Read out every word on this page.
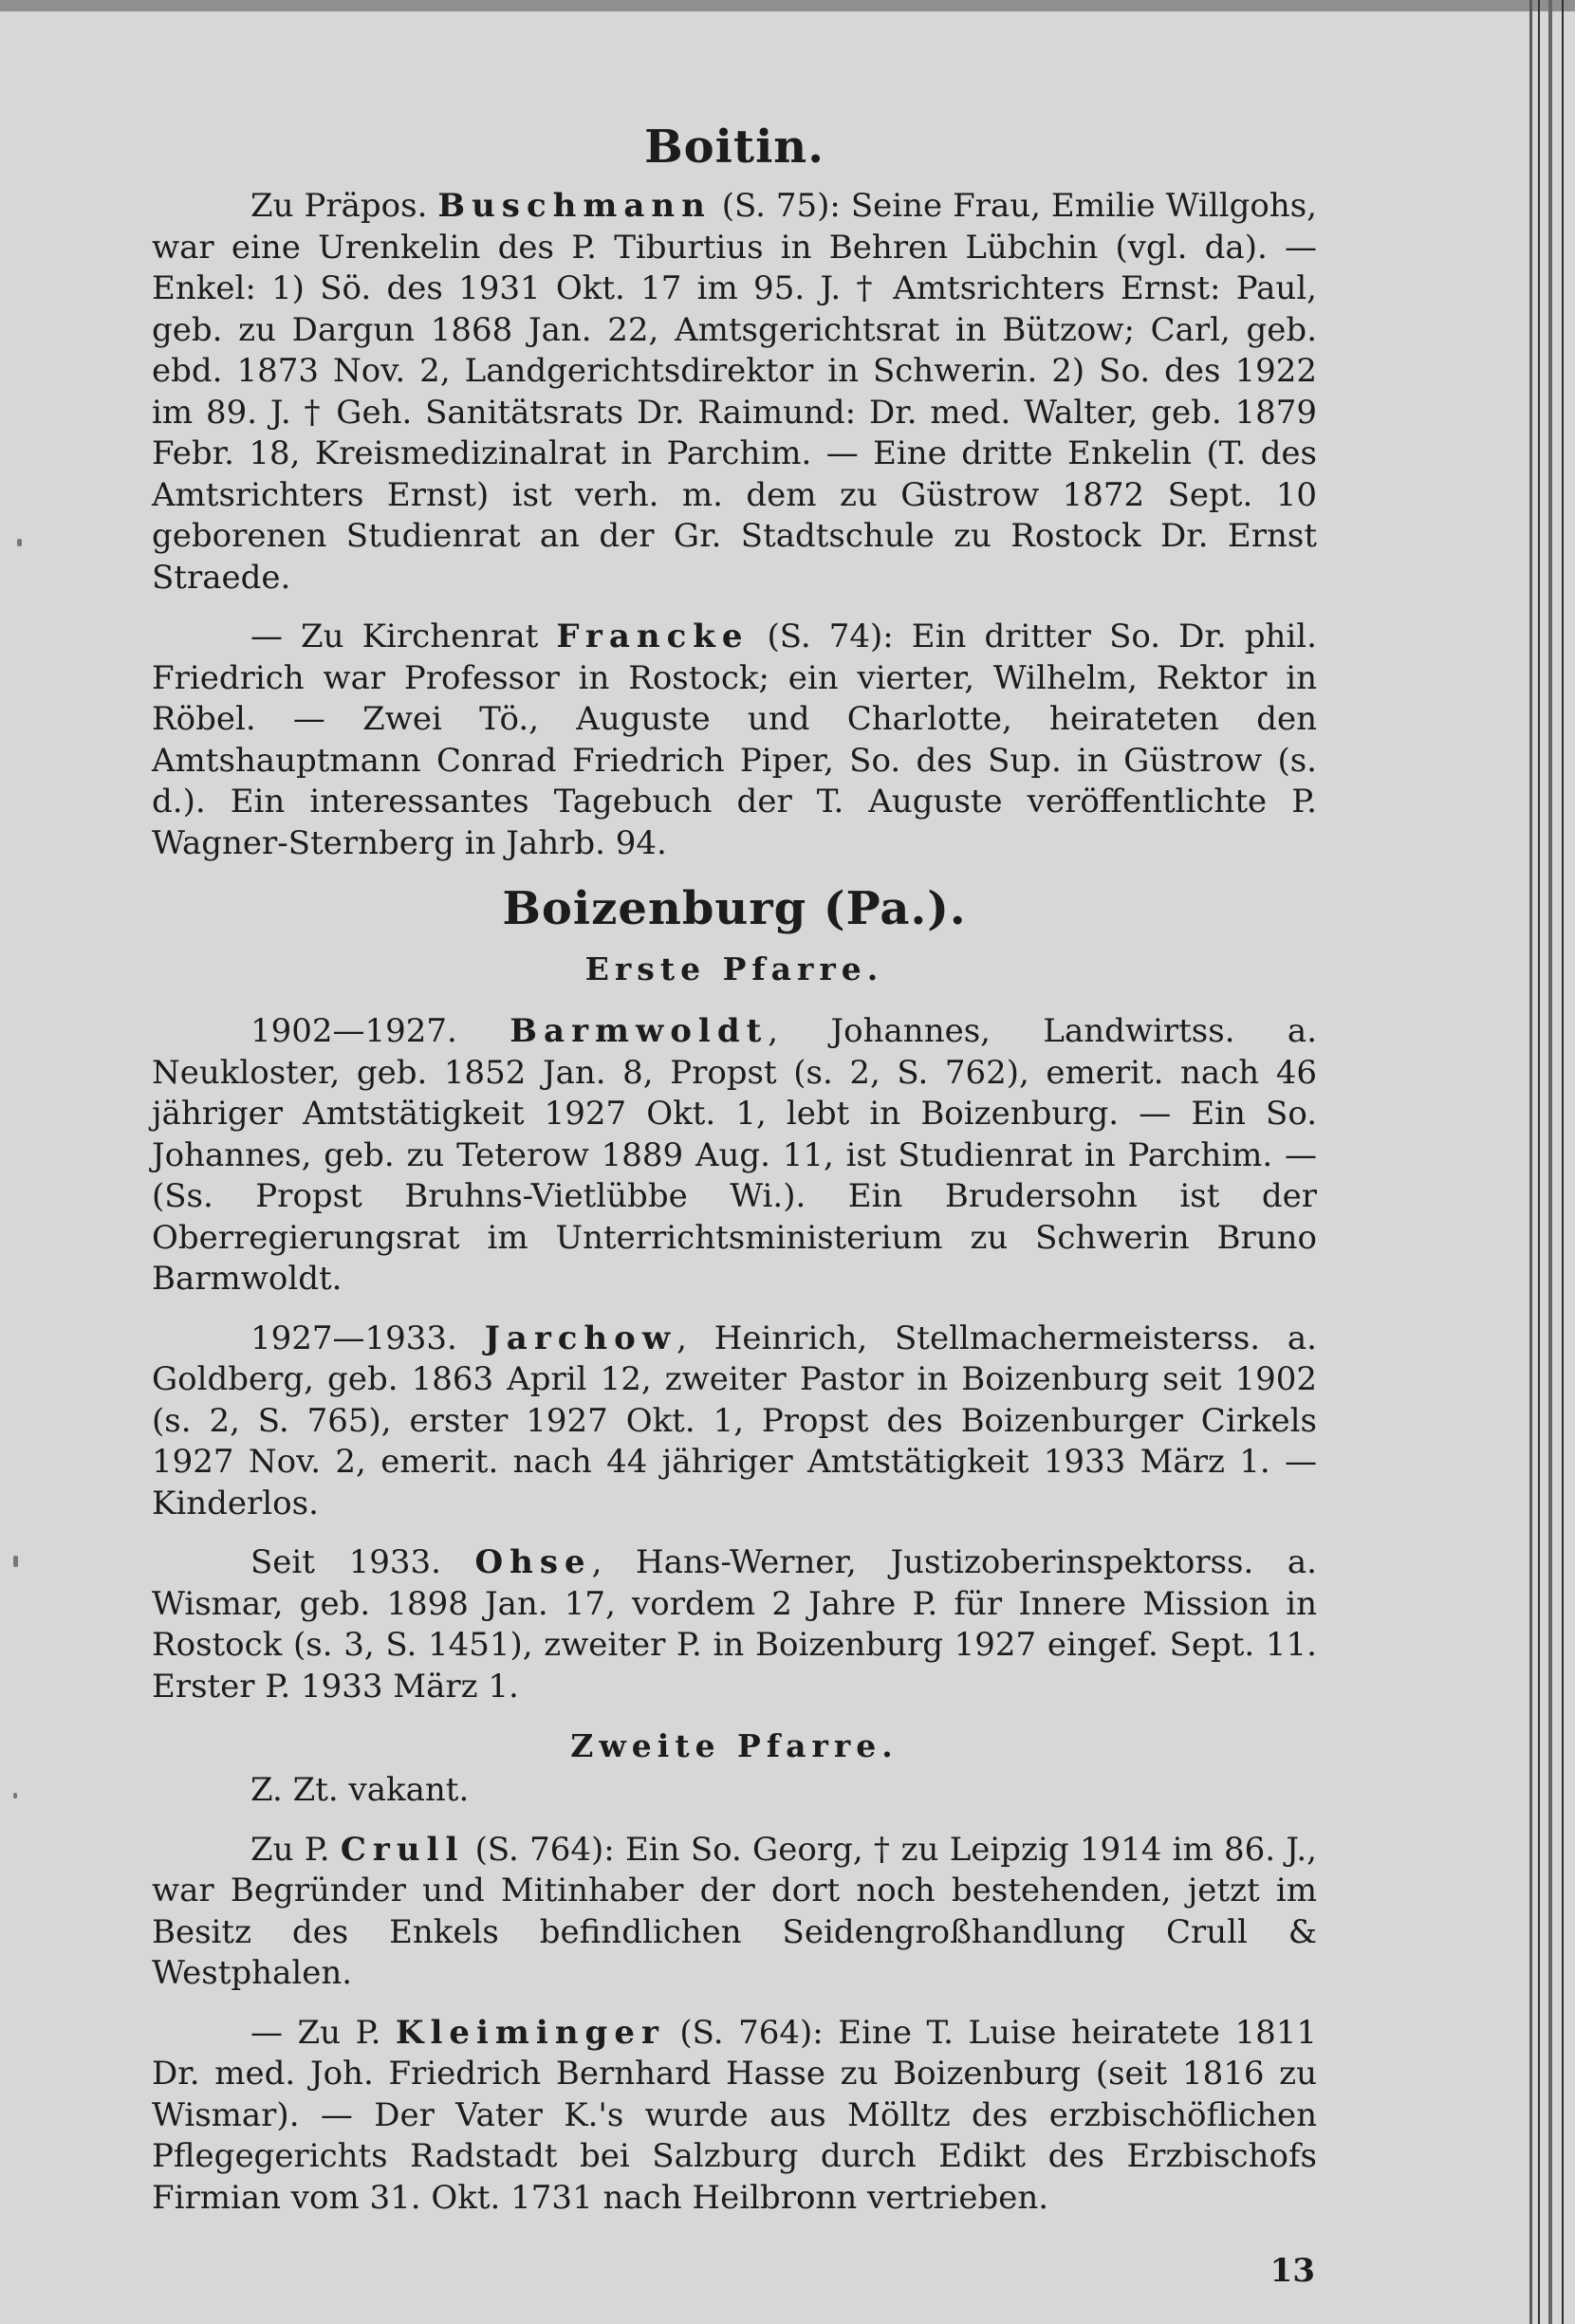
Boitin.

Zu Präpos. Buschmann (S. 75): Seine Frau, Emilie Willgohs, war eine Urenkelin des P. Tiburtius in Behren Lübchin (vgl. da). — Enkel: 1) Sö. des 1931 Okt. 17 im 95. J. † Amtsrichters Ernst: Paul, geb. zu Dargun 1868 Jan. 22, Amtsgerichtsrat in Bützow; Carl, geb. ebd. 1873 Nov. 2, Landgerichtsdirektor in Schwerin. 2) So. des 1922 im 89. J. † Geh. Sanitätsrats Dr. Raimund: Dr. med. Walter, geb. 1879 Febr. 18, Kreismedizinalrat in Parchim. — Eine dritte Enkelin (T. des Amtsrichters Ernst) ist verh. m. dem zu Güstrow 1872 Sept. 10 geborenen Studienrat an der Gr. Stadtschule zu Rostock Dr. Ernst Straede.

— Zu Kirchenrat Francke (S. 74): Ein dritter So. Dr. phil. Friedrich war Professor in Rostock; ein vierter, Wilhelm, Rektor in Röbel. — Zwei Tö., Auguste und Charlotte, heirateten den Amtshauptmann Conrad Friedrich Piper, So. des Sup. in Güstrow (s. d.). Ein interessantes Tagebuch der T. Auguste veröffentlichte P. Wagner-Sternberg in Jahrb. 94.

Boizenburg (Pa.).
Erste Pfarre.

1902—1927. Barmwoldt, Johannes, Landwirtss. a. Neukloster, geb. 1852 Jan. 8, Propst (s. 2, S. 762), emerit. nach 46 jähriger Amtstätigkeit 1927 Okt. 1, lebt in Boizenburg. — Ein So. Johannes, geb. zu Teterow 1889 Aug. 11, ist Studienrat in Parchim. — (Ss. Propst Bruhns-Vietlübbe Wi.). Ein Brudersohn ist der Oberregierungsrat im Unterrichtsministerium zu Schwerin Bruno Barmwoldt.

1927—1933. Jarchow, Heinrich, Stellmachermeisterss. a. Goldberg, geb. 1863 April 12, zweiter Pastor in Boizenburg seit 1902 (s. 2, S. 765), erster 1927 Okt. 1, Propst des Boizenburger Cirkels 1927 Nov. 2, emerit. nach 44 jähriger Amtstätigkeit 1933 März 1. — Kinderlos.

Seit 1933. Ohse, Hans-Werner, Justizoberinspektorss. a. Wismar, geb. 1898 Jan. 17, vordem 2 Jahre P. für Innere Mission in Rostock (s. 3, S. 1451), zweiter P. in Boizenburg 1927 eingef. Sept. 11. Erster P. 1933 März 1.

Zweite Pfarre.

Z. Zt. vakant.

Zu P. Crull (S. 764): Ein So. Georg, † zu Leipzig 1914 im 86. J., war Begründer und Mitinhaber der dort noch bestehenden, jetzt im Besitz des Enkels befindlichen Seidengroßhandlung Crull & Westphalen.

— Zu P. Kleiminger (S. 764): Eine T. Luise heiratete 1811 Dr. med. Joh. Friedrich Bernhard Hasse zu Boizenburg (seit 1816 zu Wismar). — Der Vater K.'s wurde aus Mölltz des erzbischöflichen Pflegegerichts Radstadt bei Salzburg durch Edikt des Erzbischofs Firmian vom 31. Okt. 1731 nach Heilbronn vertrieben.

13
